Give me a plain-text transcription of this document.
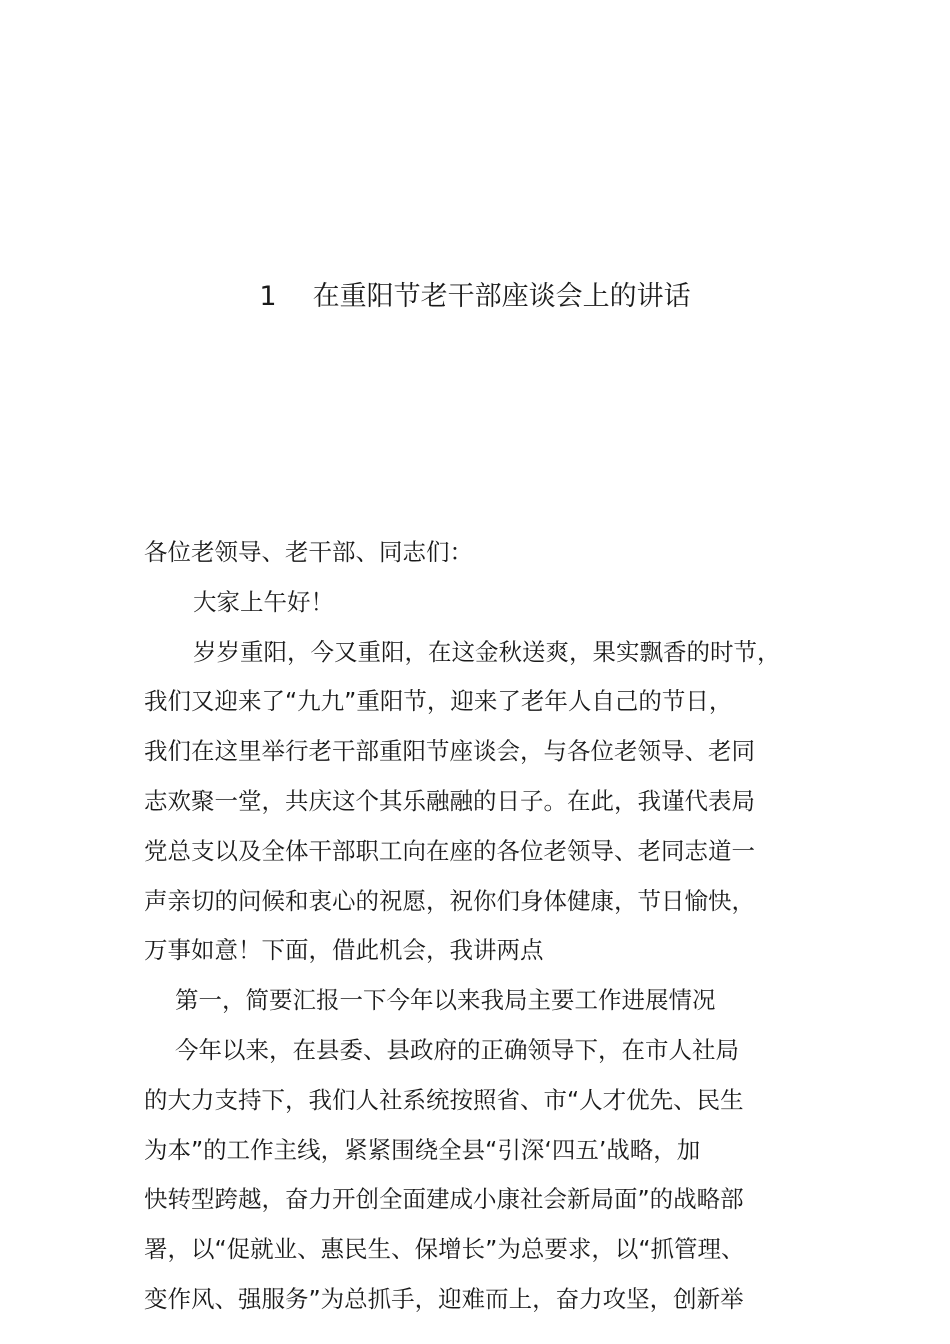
1 在重阳节老干部座谈会上的讲话
各位老领导、老干部、同志们：
大家上午好！
岁岁重阳，今又重阳，在这金秋送爽，果实飘香的时节，
我们又迎来了“九九”重阳节，迎来了老年人自己的节日，
我们在这里举行老干部重阳节座谈会，与各位老领导、老同
志欢聚一堂，共庆这个其乐融融的日子。在此，我谨代表局
党总支以及全体干部职工向在座的各位老领导、老同志道一
声亲切的问候和衷心的祝愿，祝你们身体健康，节日愉快，
万事如意！下面，借此机会，我讲两点
第一，简要汇报一下今年以来我局主要工作进展情况
今年以来，在县委、县政府的正确领导下，在市人社局
的大力支持下，我们人社系统按照省、市“人才优先、民生
为本”的工作主线，紧紧围绕全县“引深‘四五’战略，加
快转型跨越，奋力开创全面建成小康社会新局面”的战略部
署，以“促就业、惠民生、保增长”为总要求，以“抓管理、
变作风、强服务”为总抓手，迎难而上，奋力攻坚，创新举
